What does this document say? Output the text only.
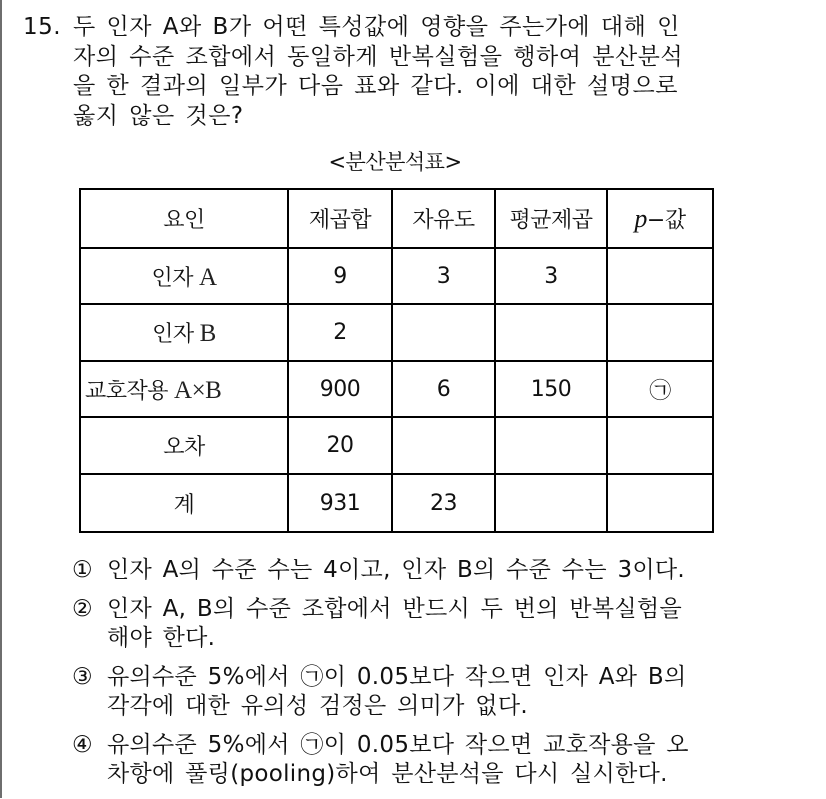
15. 두 인자 A와 B가 어떤 특성값에 영향을 주는가에 대해 인
자의 수준 조합에서 동일하게 반복실험을 행하여 분산분석
을 한 결과의 일부가 다음 표와 같다. 이에 대한 설명으로
옳지 않은 것은?
<분산분석표>
요인	제곱합	자유도	평균제곱	p−값
인자 A	9	3	3	
인자 B	2			
교호작용 A×B	900	6	150	㉠
오차	20			
계	931	23		
① 인자 A의 수준 수는 4이고, 인자 B의 수준 수는 3이다.
② 인자 A, B의 수준 조합에서 반드시 두 번의 반복실험을
해야 한다.
③ 유의수준 5%에서 ㉠이 0.05보다 작으면 인자 A와 B의
각각에 대한 유의성 검정은 의미가 없다.
④ 유의수준 5%에서 ㉠이 0.05보다 작으면 교호작용을 오
차항에 풀링(pooling)하여 분산분석을 다시 실시한다.
